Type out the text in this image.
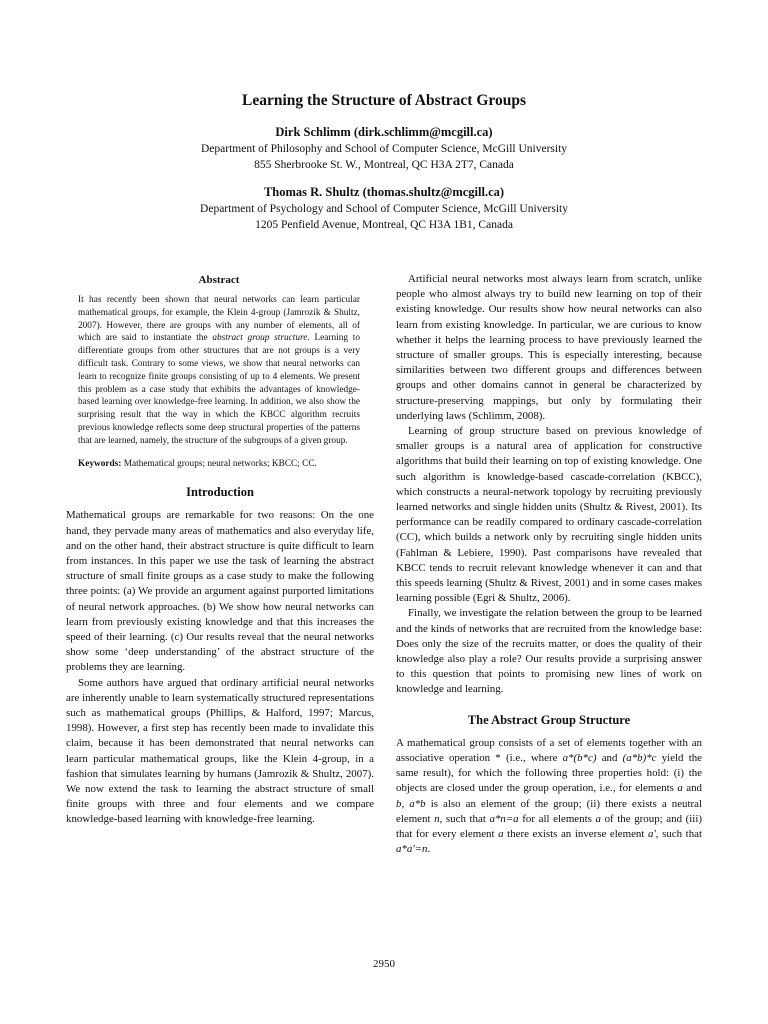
Learning the Structure of Abstract Groups
Dirk Schlimm (dirk.schlimm@mcgill.ca)
Department of Philosophy and School of Computer Science, McGill University
855 Sherbrooke St. W., Montreal, QC H3A 2T7, Canada
Thomas R. Shultz (thomas.shultz@mcgill.ca)
Department of Psychology and School of Computer Science, McGill University
1205 Penfield Avenue, Montreal, QC H3A 1B1, Canada
Abstract

It has recently been shown that neural networks can learn particular mathematical groups, for example, the Klein 4-group (Jamrozik & Shultz, 2007). However, there are groups with any number of elements, all of which are said to instantiate the abstract group structure. Learning to differentiate groups from other structures that are not groups is a very difficult task. Contrary to some views, we show that neural networks can learn to recognize finite groups consisting of up to 4 elements. We present this problem as a case study that exhibits the advantages of knowledge-based learning over knowledge-free learning. In addition, we also show the surprising result that the way in which the KBCC algorithm recruits previous knowledge reflects some deep structural properties of the patterns that are learned, namely, the structure of the subgroups of a given group.

Keywords: Mathematical groups; neural networks; KBCC; CC.

Introduction

Mathematical groups are remarkable for two reasons: On the one hand, they pervade many areas of mathematics and also everyday life, and on the other hand, their abstract structure is quite difficult to learn from instances. In this paper we use the task of learning the abstract structure of small finite groups as a case study to make the following three points: (a) We provide an argument against purported limitations of neural network approaches. (b) We show how neural networks can learn from previously existing knowledge and that this increases the speed of their learning. (c) Our results reveal that the neural networks show some ‘deep understanding’ of the abstract structure of the problems they are learning.

Some authors have argued that ordinary artificial neural networks are inherently unable to learn systematically structured representations such as mathematical groups (Phillips, & Halford, 1997; Marcus, 1998). However, a first step has recently been made to invalidate this claim, because it has been demonstrated that neural networks can learn particular mathematical groups, like the Klein 4-group, in a fashion that simulates learning by humans (Jamrozik & Shultz, 2007). We now extend the task to learning the abstract structure of small finite groups with three and four elements and we compare knowledge-based learning with knowledge-free learning.

Artificial neural networks most always learn from scratch, unlike people who almost always try to build new learning on top of their existing knowledge. Our results show how neural networks can also learn from existing knowledge. In particular, we are curious to know whether it helps the learning process to have previously learned the structure of smaller groups. This is especially interesting, because similarities between two different groups and differences between groups and other domains cannot in general be characterized by structure-preserving mappings, but only by formulating their underlying laws (Schlimm, 2008).

Learning of group structure based on previous knowledge of smaller groups is a natural area of application for constructive algorithms that build their learning on top of existing knowledge. One such algorithm is knowledge-based cascade-correlation (KBCC), which constructs a neural-network topology by recruiting previously learned networks and single hidden units (Shultz & Rivest, 2001). Its performance can be readily compared to ordinary cascade-correlation (CC), which builds a network only by recruiting single hidden units (Fahlman & Lebiere, 1990). Past comparisons have revealed that KBCC tends to recruit relevant knowledge whenever it can and that this speeds learning (Shultz & Rivest, 2001) and in some cases makes learning possible (Egri & Shultz, 2006).

Finally, we investigate the relation between the group to be learned and the kinds of networks that are recruited from the knowledge base: Does only the size of the recruits matter, or does the quality of their knowledge also play a role? Our results provide a surprising answer to this question that points to promising new lines of work on knowledge and learning.

The Abstract Group Structure

A mathematical group consists of a set of elements together with an associative operation * (i.e., where a*(b*c) and (a*b)*c yield the same result), for which the following three properties hold: (i) the objects are closed under the group operation, i.e., for elements a and b, a*b is also an element of the group; (ii) there exists a neutral element n, such that a*n=a for all elements a of the group; and (iii) that for every element a there exists an inverse element a', such that a*a'=n.

2950
